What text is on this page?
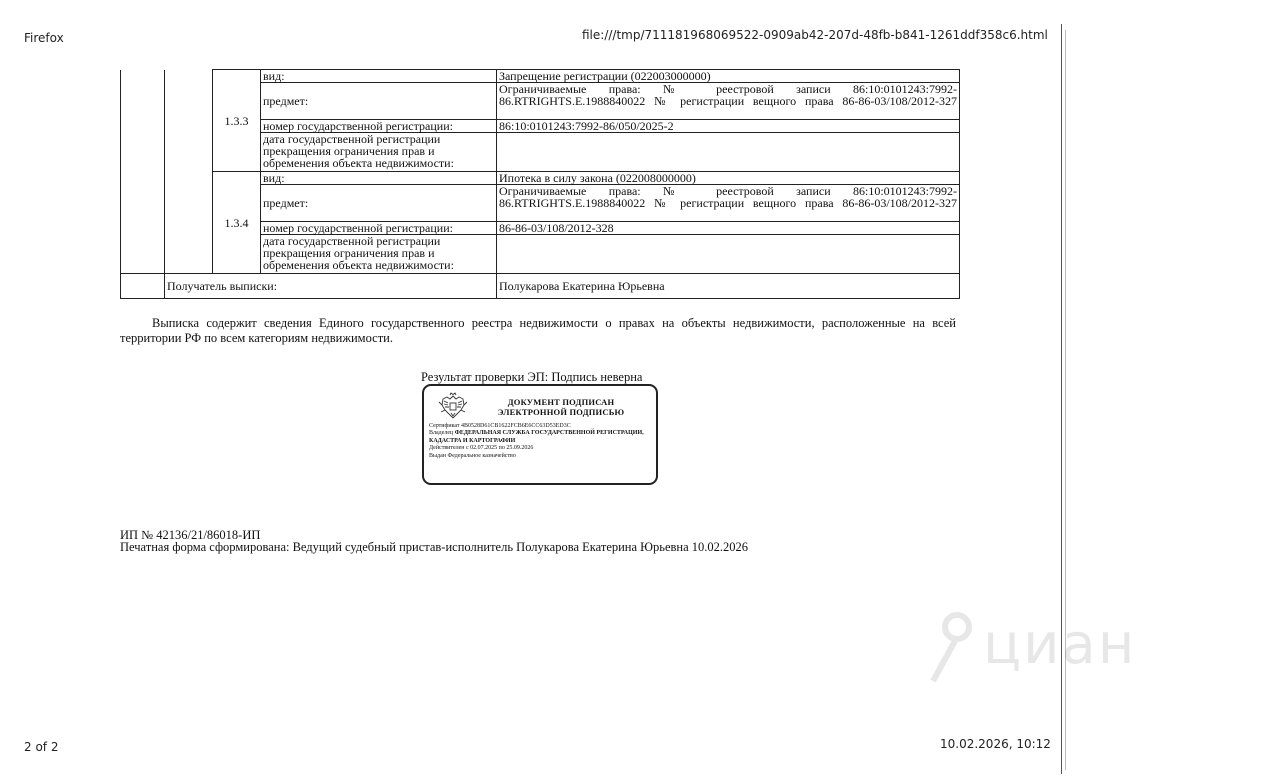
Firefox	file:///tmp/711181968069522-0909ab42-207d-48fb-b841-1261ddf358c6.html
		1.3.3	вид:	Запрещение регистрации (022003000000)
			предмет:	Ограничиваемые права: № реестровой записи 86:10:0101243:7992-86.RTRIGHTS.E.1988840022 № регистрации вещного права 86-86-03/108/2012-327
			номер государственной регистрации:	86:10:0101243:7992-86/050/2025-2
			дата государственной регистрации прекращения ограничения прав и обременения объекта недвижимости:	
		1.3.4	вид:	Ипотека в силу закона (022008000000)
			предмет:	Ограничиваемые права: № реестровой записи 86:10:0101243:7992-86.RTRIGHTS.E.1988840022 № регистрации вещного права 86-86-03/108/2012-327
			номер государственной регистрации:	86-86-03/108/2012-328
			дата государственной регистрации прекращения ограничения прав и обременения объекта недвижимости:	
	Получатель выписки:			Полукарова Екатерина Юрьевна
Выписка содержит сведения Единого государственного реестра недвижимости о правах на объекты недвижимости, расположенные на всей территории РФ по всем категориям недвижимости.
Результат проверки ЭП: Подпись неверна
ДОКУМЕНТ ПОДПИСАН
ЭЛЕКТРОННОЙ ПОДПИСЬЮ
Сертификат 4B0528D61CB1622FCB6E6CC63D53ED3C
Владелец ФЕДЕРАЛЬНАЯ СЛУЖБА ГОСУДАРСТВЕННОЙ РЕГИСТРАЦИИ, КАДАСТРА И КАРТОГРАФИИ
Действителен с 02.07.2025 по 25.09.2026
Выдан Федеральное казначейство
ИП № 42136/21/86018-ИП
Печатная форма сформирована: Ведущий судебный пристав-исполнитель Полукарова Екатерина Юрьевна 10.02.2026
циан
2 of 2	10.02.2026, 10:12
